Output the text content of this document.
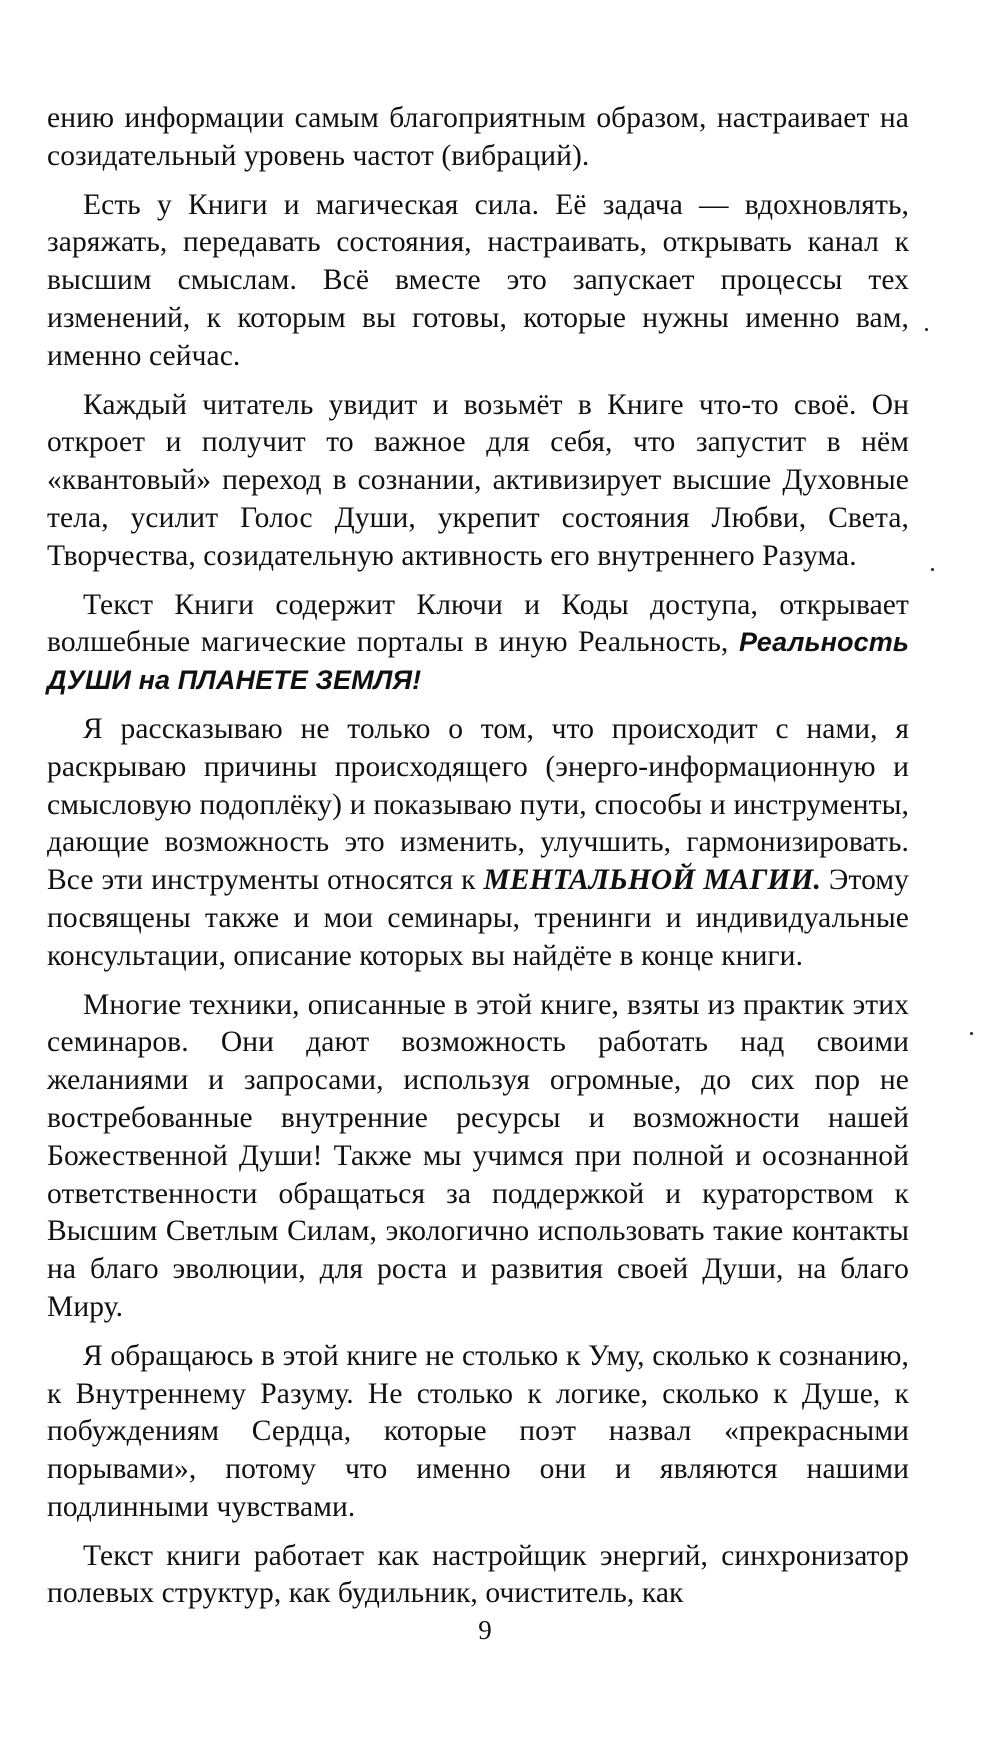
ению информации самым благоприятным образом, настраивает на созидательный уровень частот (вибраций).

Есть у Книги и магическая сила. Её задача — вдохновлять, заряжать, передавать состояния, настраивать, открывать канал к высшим смыслам. Всё вместе это запускает процессы тех изменений, к которым вы готовы, которые нужны именно вам, именно сейчас.

Каждый читатель увидит и возьмёт в Книге что-то своё. Он откроет и получит то важное для себя, что запустит в нём «квантовый» переход в сознании, активизирует высшие Духовные тела, усилит Голос Души, укрепит состояния Любви, Света, Творчества, созидательную активность его внутреннего Разума.

Текст Книги содержит Ключи и Коды доступа, открывает волшебные магические порталы в иную Реальность, Реальность ДУШИ на ПЛАНЕТЕ ЗЕМЛЯ!

Я рассказываю не только о том, что происходит с нами, я раскрываю причины происходящего (энерго-информационную и смысловую подоплёку) и показываю пути, способы и инструменты, дающие возможность это изменить, улучшить, гармонизировать. Все эти инструменты относятся к МЕНТАЛЬНОЙ МАГИИ. Этому посвящены также и мои семинары, тренинги и индивидуальные консультации, описание которых вы найдёте в конце книги.

Многие техники, описанные в этой книге, взяты из практик этих семинаров. Они дают возможность работать над своими желаниями и запросами, используя огромные, до сих пор не востребованные внутренние ресурсы и возможности нашей Божественной Души! Также мы учимся при полной и осознанной ответственности обращаться за поддержкой и кураторством к Высшим Светлым Силам, экологично использовать такие контакты на благо эволюции, для роста и развития своей Души, на благо Миру.

Я обращаюсь в этой книге не столько к Уму, сколько к сознанию, к Внутреннему Разуму. Не столько к логике, сколько к Душе, к побуждениям Сердца, которые поэт назвал «прекрасными порывами», потому что именно они и являются нашими подлинными чувствами.

Текст книги работает как настройщик энергий, синхронизатор полевых структур, как будильник, очиститель, как

9
